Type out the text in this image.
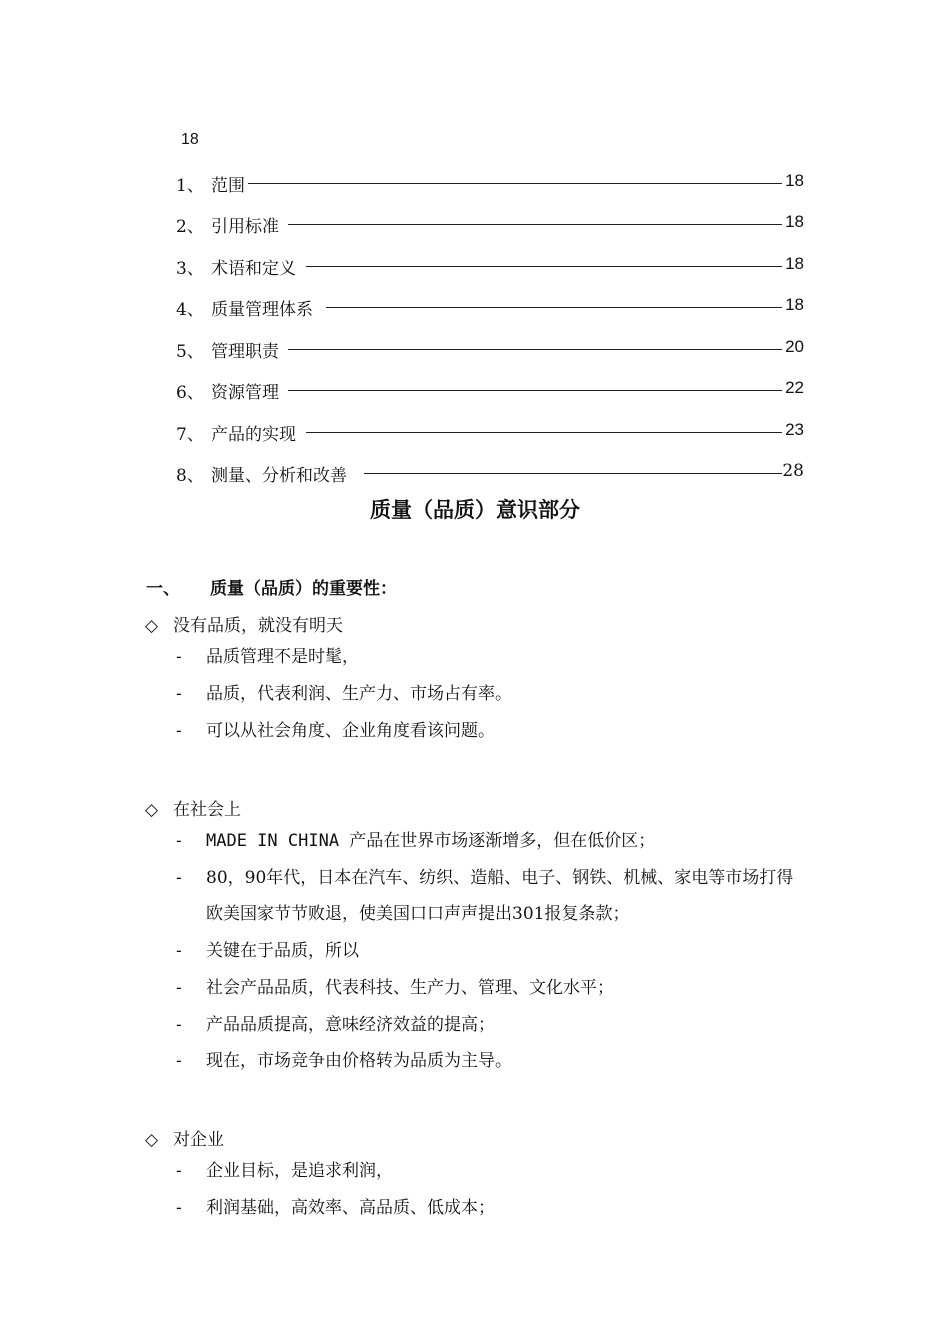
18
1、 范围	18
2、 引用标准	18
3、 术语和定义	18
4、 质量管理体系	18
5、 管理职责	20
6、 资源管理	22
7、 产品的实现	23
8、 测量、分析和改善	28
质量（品质）意识部分
一、 质量（品质）的重要性：
◇ 没有品质，就没有明天
- 品质管理不是时髦，
- 品质，代表利润、生产力、市场占有率。
- 可以从社会角度、企业角度看该问题。
◇ 在社会上
- MADE IN CHINA 产品在世界市场逐渐增多，但在低价区；
- 80，90年代，日本在汽车、纺织、造船、电子、钢铁、机械、家电等市场打得欧美国家节节败退，使美国口口声声提出301报复条款；
- 关键在于品质，所以
- 社会产品品质，代表科技、生产力、管理、文化水平；
- 产品品质提高，意味经济效益的提高；
- 现在，市场竞争由价格转为品质为主导。
◇ 对企业
- 企业目标，是追求利润，
- 利润基础，高效率、高品质、低成本；
